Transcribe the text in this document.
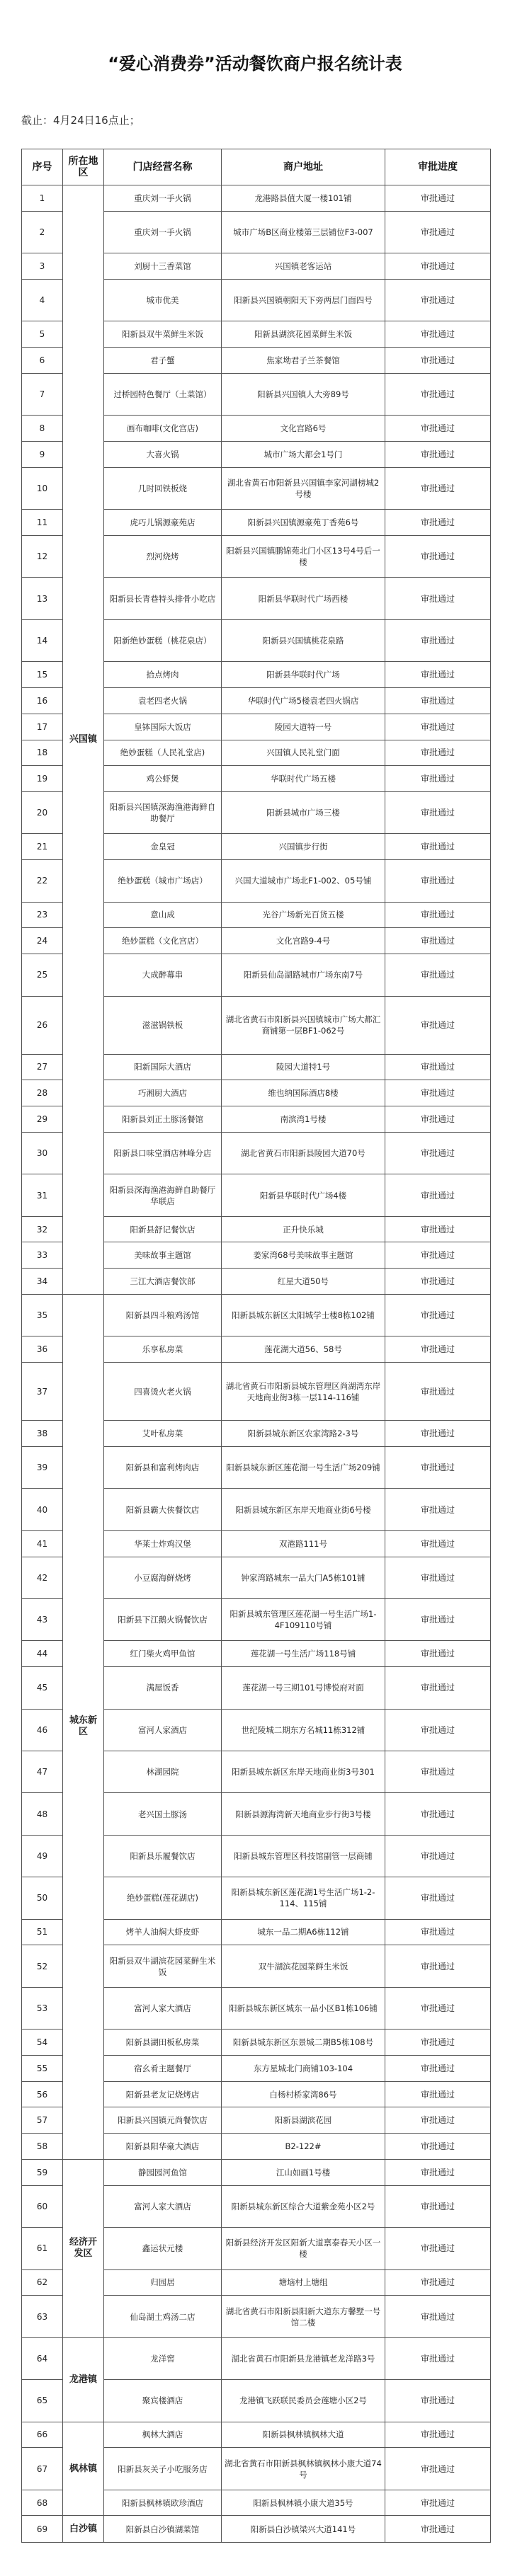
“爱心消费券”活动餐饮商户报名统计表
截止：4月24日16点止；
序号	所在地区	门店经营名称	商户地址	审批进度
1	兴国镇	重庆刘一手火锅	龙港路县值大厦一楼101铺	审批通过
2		重庆刘一手火锅	城市广场B区商业楼第三层铺位F3-007	审批通过
3		刘厨十三香菜馆	兴国镇老客运站	审批通过
4		城市优美	阳新县兴国镇朝阳天下旁两层门面四号	审批通过
5		阳新县双牛菜鲜生米饭	阳新县湖滨花园菜鲜生米饭	审批通过
6		君子蟹	焦家坳君子兰茶餐馆	审批通过
7		过桥园特色餐厅（土菜馆）	阳新县兴国镇人大旁89号	审批通过
8		画布咖啡(文化宫店)	文化宫路6号	审批通过
9		大喜火锅	城市广场大都会1号门	审批通过
10		几时回铁板烧	湖北省黄石市阳新县兴国镇李家河湖榜城2号楼	审批通过
11		虎巧儿锅源豪苑店	阳新县兴国镇源豪苑丁香苑6号	审批通过
12		烈河烧烤	阳新县兴国镇鹏锦苑北门小区13号4号后一楼	审批通过
13		阳新县长青巷特头排骨小吃店	阳新县华联时代广场西楼	审批通过
14		阳新绝妙蛋糕（桃花泉店）	阳新县兴国镇桃花泉路	审批通过
15		拾点烤肉	阳新县华联时代广场	审批通过
16		袁老四老火锅	华联时代广场5楼袁老四火锅店	审批通过
17		皇钵国际大饭店	陵园大道特一号	审批通过
18		绝妙蛋糕（人民礼堂店)	兴国镇人民礼堂门面	审批通过
19		鸡公虾煲	华联时代广场五楼	审批通过
20		阳新县兴国镇深海渔港海鲜自助餐厅	阳新县城市广场三楼	审批通过
21		金皇冠	兴国镇步行街	审批通过
22		绝妙蛋糕（城市广场店）	兴国大道城市广场北F1-002、05号铺	审批通过
23		意山成	光谷广场新光百货五楼	审批通过
24		绝妙蛋糕（文化宫店）	文化宫路9-4号	审批通过
25		大成醉幕串	阳新县仙岛湖路城市广场东南7号	审批通过
26		滋滋锅铁板	湖北省黄石市阳新县兴国镇城市广场大都汇商铺第一层BF1-062号	审批通过
27		阳新国际大酒店	陵园大道特1号	审批通过
28		巧湘厨大酒店	维也纳国际酒店8楼	审批通过
29		阳新县刘正土豚汤餐馆	南滨湾1号楼	审批通过
30		阳新县口味堂酒店林峰分店	湖北省黄石市阳新县陵园大道70号	审批通过
31		阳新县深海渔港海鲜自助餐厅华联店	阳新县华联时代广场4楼	审批通过
32		阳新县舒记餐饮店	正升快乐城	审批通过
33		美味故事主题馆	姜家湾68号美味故事主题馆	审批通过
34		三江大酒店餐饮部	红星大道50号	审批通过
35	城东新区	阳新县四斗粮鸡汤馆	阳新县城东新区太阳城学士楼8栋102铺	审批通过
36		乐享私房菜	莲花湖大道56、58号	审批通过
37		四喜烫火老火锅	湖北省黄石市阳新县城东管理区尚湖湾东岸天地商业街3栋一层114-116铺	审批通过
38		艾叶私房菜	阳新县城东新区农家湾路2-3号	审批通过
39		阳新县和富利烤肉店	阳新县城东新区莲花湖一号生活广场209铺	审批通过
40		阳新县霸大侠餐饮店	阳新县城东新区东岸天地商业街6号楼	审批通过
41		华莱士炸鸡汉堡	双港路111号	审批通过
42		小豆腐海鲜烧烤	钟家湾路城东一品大门A5栋101铺	审批通过
43		阳新县下江鹅火锅餐饮店	阳新县城东管理区莲花湖一号生活广场1-4F109110号铺	审批通过
44		红门柴火鸡甲鱼馆	莲花湖一号生活广场118号铺	审批通过
45		满屋饭香	莲花湖一号三期101号博悦府对面	审批通过
46		富河人家酒店	世纪陵城二期东方名城11栋312铺	审批通过
47		林湖园院	阳新县城东新区东岸天地商业街3号301	审批通过
48		老兴国土豚汤	阳新县源海湾新天地商业步行街3号楼	审批通过
49		阳新县乐履餐饮店	阳新县城东管理区科技馆副管一层商铺	审批通过
50		绝妙蛋糕(莲花湖店)	阳新县城东新区莲花湖1号生活广场1-2-114、115铺	审批通过
51		烤羊人油焖大虾皮虾	城东一品二期A6栋112铺	审批通过
52		阳新县双牛湖滨花园菜鲜生米饭	双牛湖滨花园菜鲜生米饭	审批通过
53		富河人家大酒店	阳新县城东新区城东一品小区B1栋106铺	审批通过
54		阳新县湖田板私房菜	阳新县城东新区东景城二期B5栋108号	审批通过
55		宿幺肴主题餐厅	东方星城北门商铺103-104	审批通过
56		阳新县老友记烧烤店	白杨村桥家湾86号	审批通过
57		阳新县兴国镇元尚餐饮店	阳新县湖滨花园	审批通过
58		阳新县阳华豪大酒店	B2-122#	审批通过
59	经济开发区	静园园河鱼馆	江山如画1号楼	审批通过
60		富河人家大酒店	阳新县城东新区综合大道紫金苑小区2号	审批通过
61		鑫运状元楼	阳新县经济开发区阳新大道禀泰春天小区一楼	审批通过
62		归园居	塘垴村上塘组	审批通过
63		仙岛湖土鸡汤二店	湖北省黄石市阳新县阳新大道东方馨墅一号馆二楼	审批通过
64	龙港镇	龙洋窖	湖北省黄石市阳新县龙港镇老龙洋路3号	审批通过
65		聚宾楼酒店	龙港镇飞跃联民委员会莲塘小区2号	审批通过
66	枫林镇	枫林大酒店	阳新县枫林镇枫林大道	审批通过
67		阳新县灰关子小吃服务店	湖北省黄石市阳新县枫林镇枫林小康大道74号	审批通过
68		阳新县枫林镇欧珍酒店	阳新县枫林镇小康大道35号	审批通过
69	白沙镇	阳新县白沙镇湖菜馆	阳新县白沙镇梁兴大道141号	审批通过
